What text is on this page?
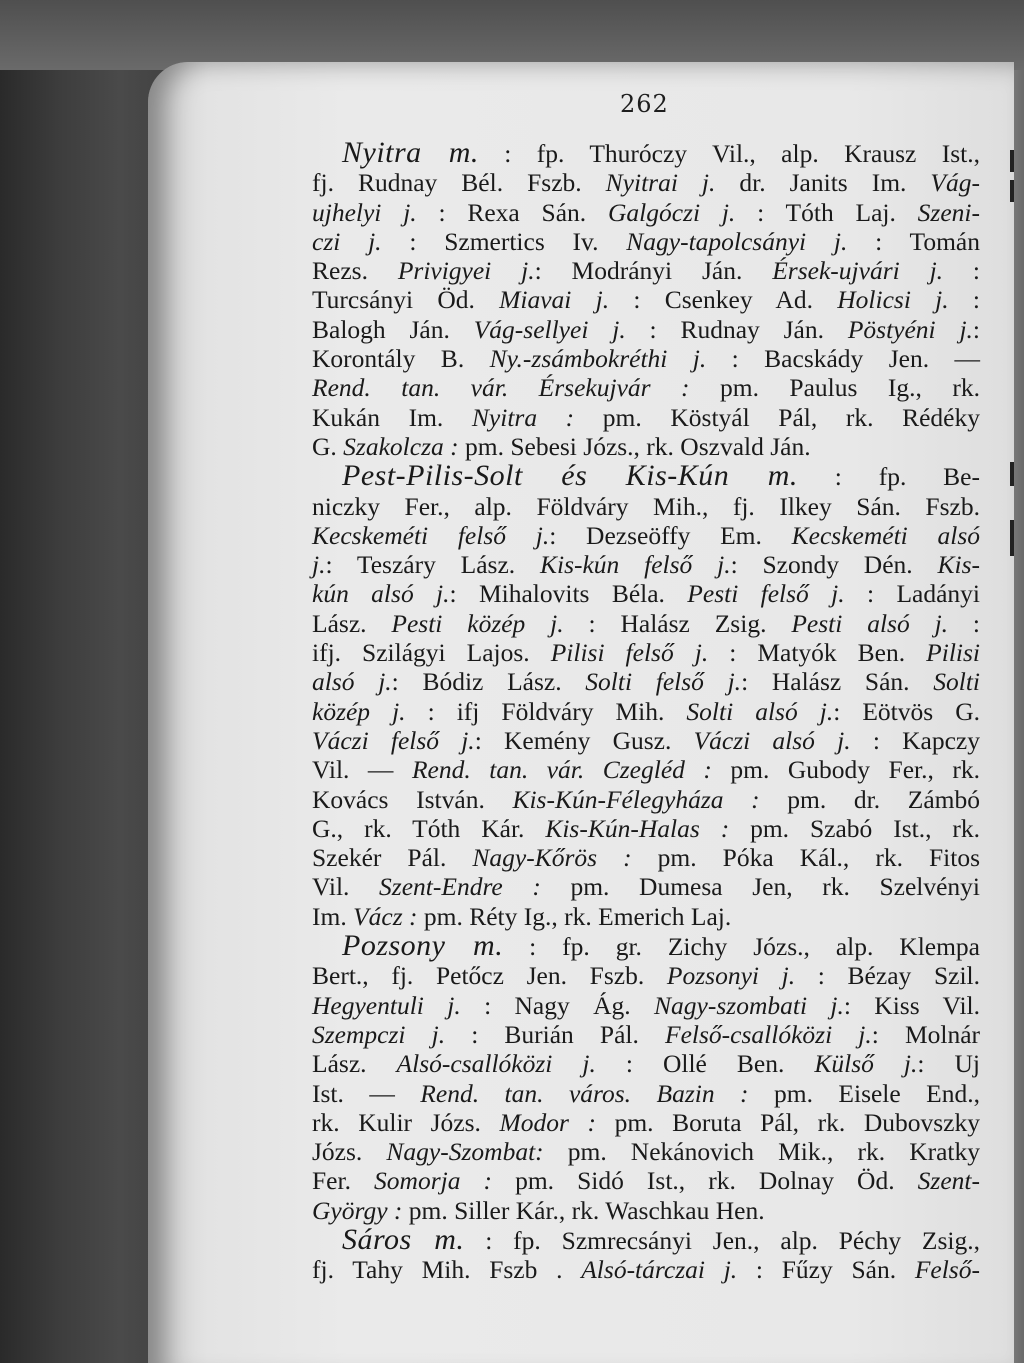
262
Nyitra m. : fp. Thuróczy Vil., alp. Krausz Ist.,
fj. Rudnay Bél. Fszb. Nyitrai j. dr. Janits Im. Vág-
ujhelyi j. : Rexa Sán. Galgóczi j. : Tóth Laj. Szeni-
czi j. : Szmertics Iv. Nagy-tapolcsányi j. : Tomán
Rezs. Privigyei j.: Modrányi Ján. Érsek-ujvári j. :
Turcsányi Öd. Miavai j. : Csenkey Ad. Holicsi j. :
Balogh Ján. Vág-sellyei j. : Rudnay Ján. Pöstyéni j.:
Korontály B. Ny.-zsámbokréthi j. : Bacskády Jen. —
Rend. tan. vár. Érsekujvár : pm. Paulus Ig., rk.
Kukán Im. Nyitra : pm. Köstyál Pál, rk. Rédéky
G. Szakolcza : pm. Sebesi Józs., rk. Oszvald Ján.
Pest-Pilis-Solt és Kis-Kún m. : fp. Be-
niczky Fer., alp. Földváry Mih., fj. Ilkey Sán. Fszb.
Kecskeméti felső j.: Dezseöffy Em. Kecskeméti alsó
j.: Teszáry Lász. Kis-kún felső j.: Szondy Dén. Kis-
kún alsó j.: Mihalovits Béla. Pesti felső j. : Ladányi
Lász. Pesti közép j. : Halász Zsig. Pesti alsó j. :
ifj. Szilágyi Lajos. Pilisi felső j. : Matyók Ben. Pilisi
alsó j.: Bódiz Lász. Solti felső j.: Halász Sán. Solti
közép j. : ifj Földváry Mih. Solti alsó j.: Eötvös G.
Váczi felső j.: Kemény Gusz. Váczi alsó j. : Kapczy
Vil. — Rend. tan. vár. Czegléd : pm. Gubody Fer., rk.
Kovács István. Kis-Kún-Félegyháza : pm. dr. Zámbó
G., rk. Tóth Kár. Kis-Kún-Halas : pm. Szabó Ist., rk.
Szekér Pál. Nagy-Kőrös : pm. Póka Kál., rk. Fitos
Vil. Szent-Endre : pm. Dumesa Jen, rk. Szelvényi
Im. Vácz : pm. Réty Ig., rk. Emerich Laj.
Pozsony m. : fp. gr. Zichy Józs., alp. Klempa
Bert., fj. Petőcz Jen. Fszb. Pozsonyi j. : Bézay Szil.
Hegyentuli j. : Nagy Ág. Nagy-szombati j.: Kiss Vil.
Szempczi j. : Burián Pál. Felső-csallóközi j.: Molnár
Lász. Alsó-csallóközi j. : Ollé Ben. Külső j.: Uj
Ist. — Rend. tan. város. Bazin : pm. Eisele End.,
rk. Kulir Józs. Modor : pm. Boruta Pál, rk. Dubovszky
Józs. Nagy-Szombat: pm. Nekánovich Mik., rk. Kratky
Fer. Somorja : pm. Sidó Ist., rk. Dolnay Öd. Szent-
György : pm. Siller Kár., rk. Waschkau Hen.
Sáros m. : fp. Szmrecsányi Jen., alp. Péchy Zsig.,
fj. Tahy Mih. Fszb . Alsó-tárczai j. : Fűzy Sán. Felső-
